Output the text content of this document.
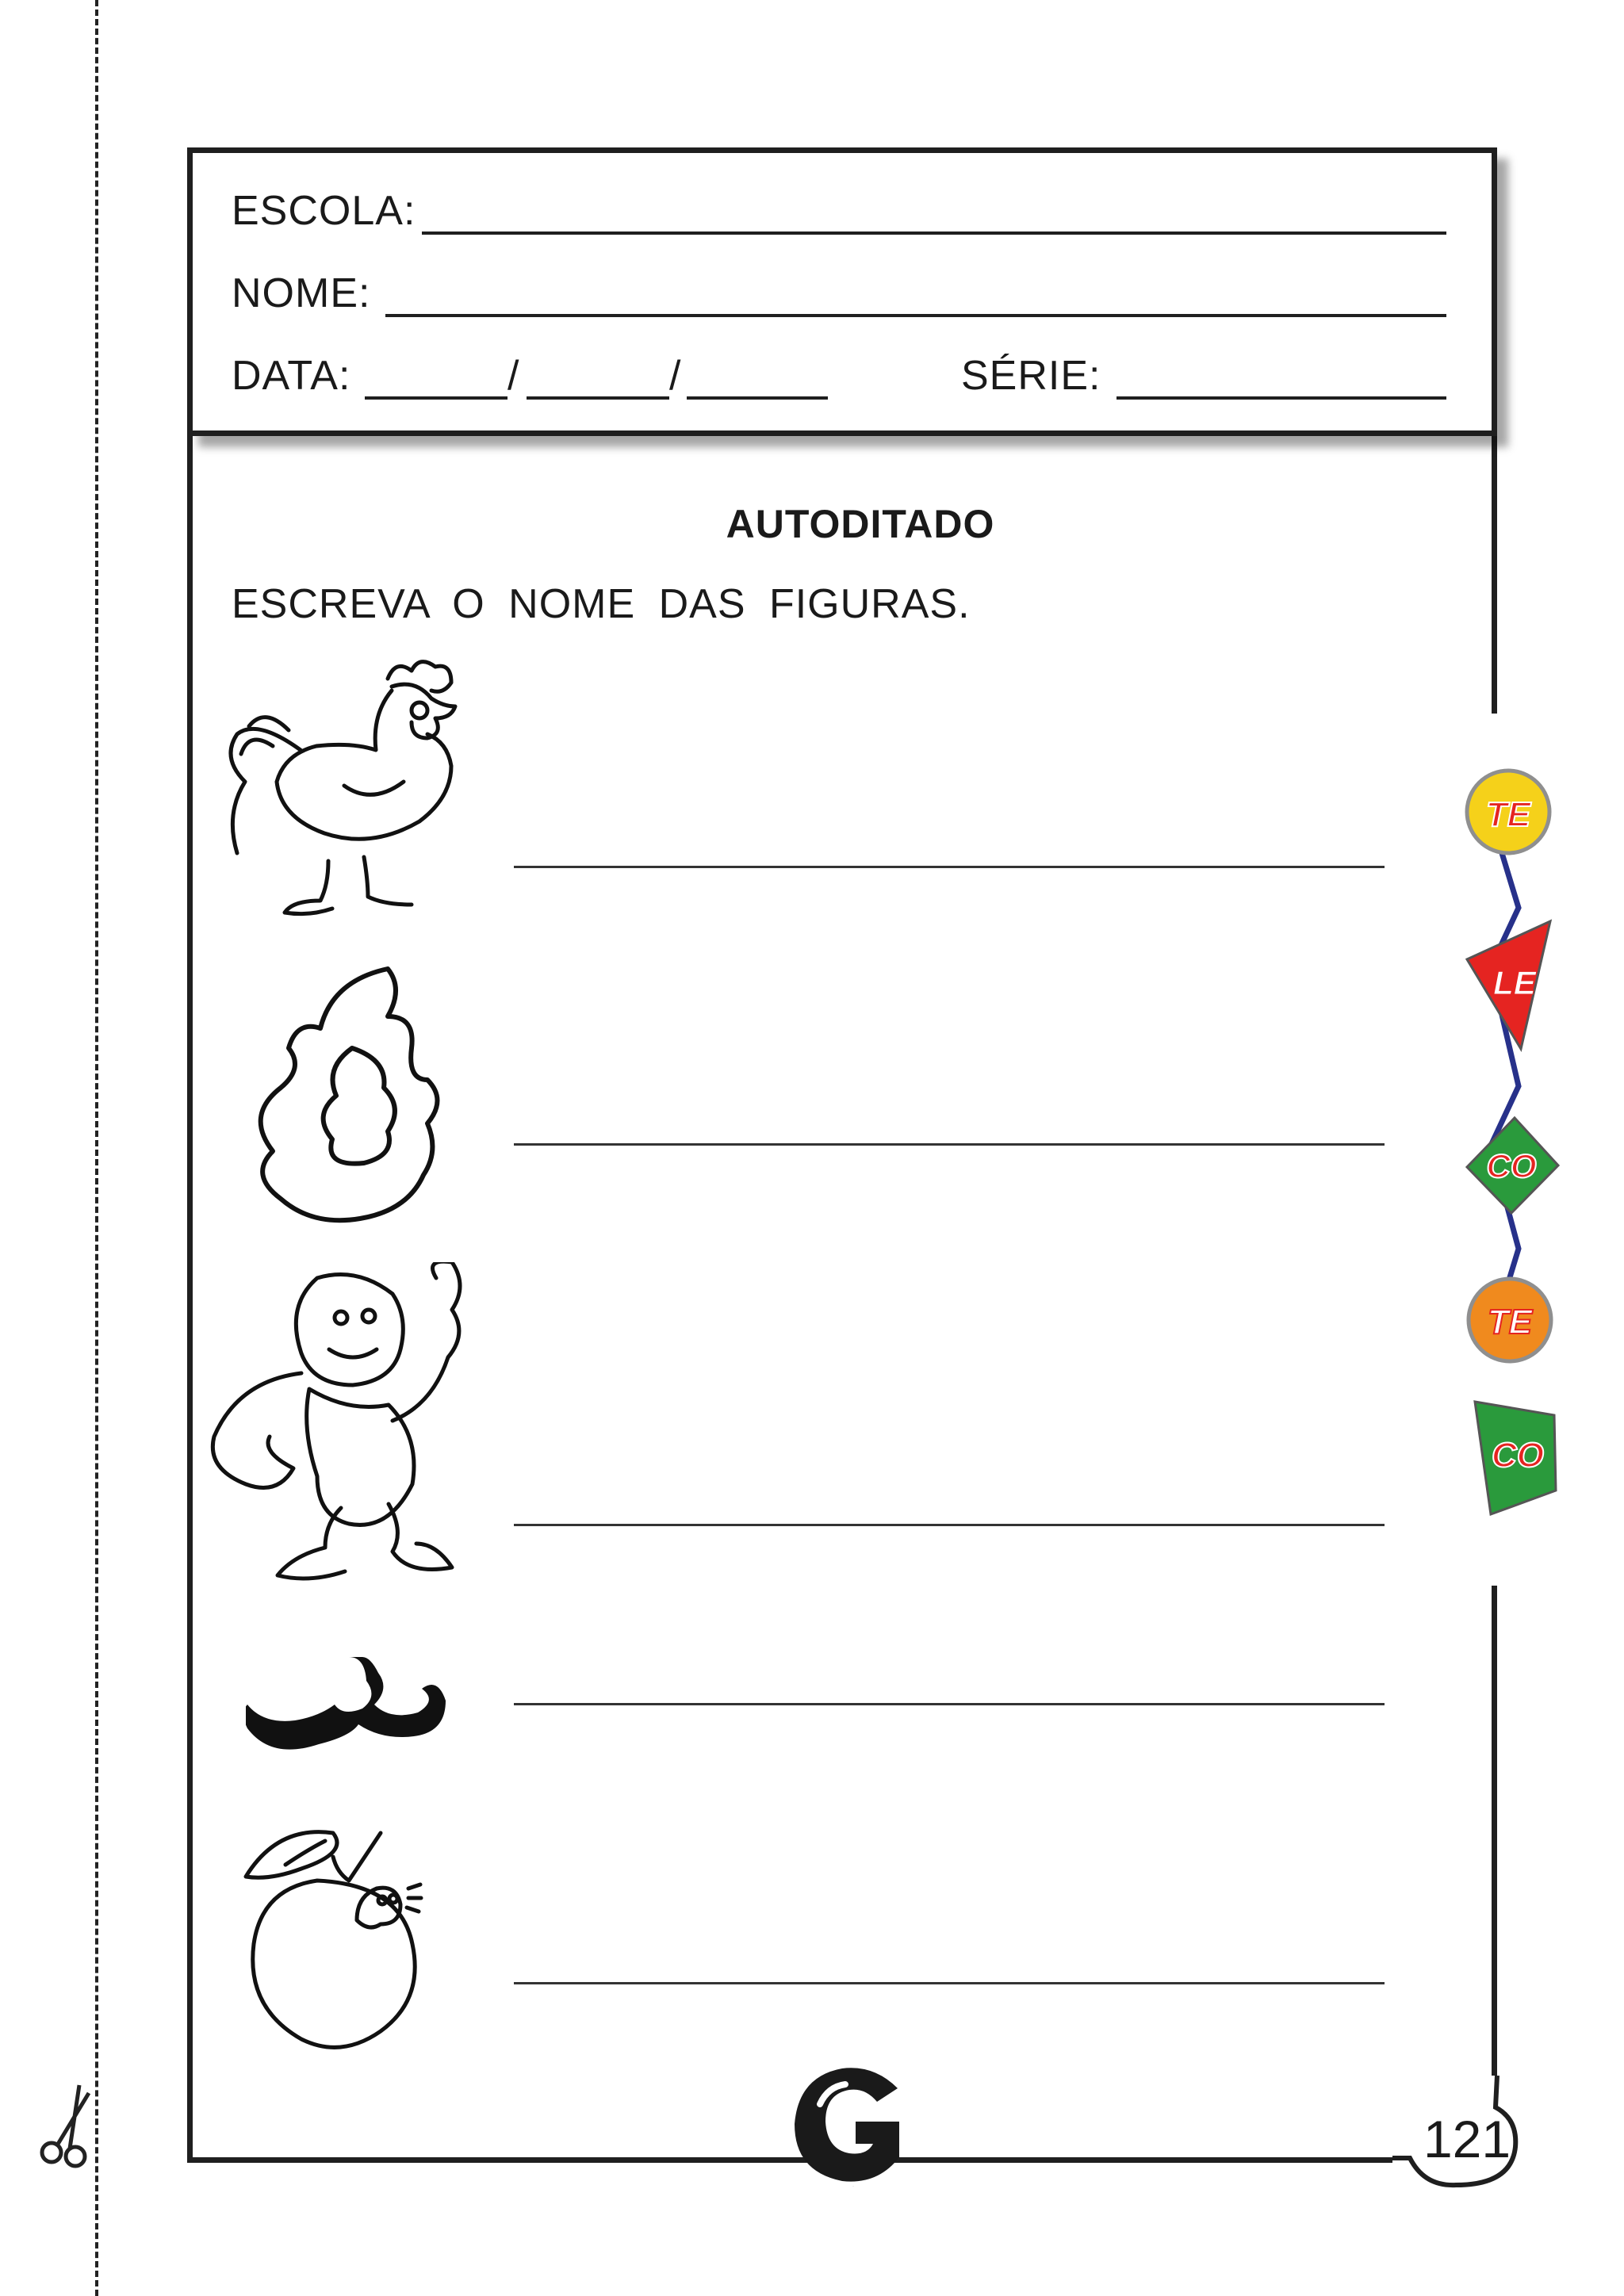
ESCOLA:
NOME:
DATA:	/	/	SÉRIE:
AUTODITADO
ESCREVA O NOME DAS FIGURAS.
TE
LE
CO
TE
CO
G
121
